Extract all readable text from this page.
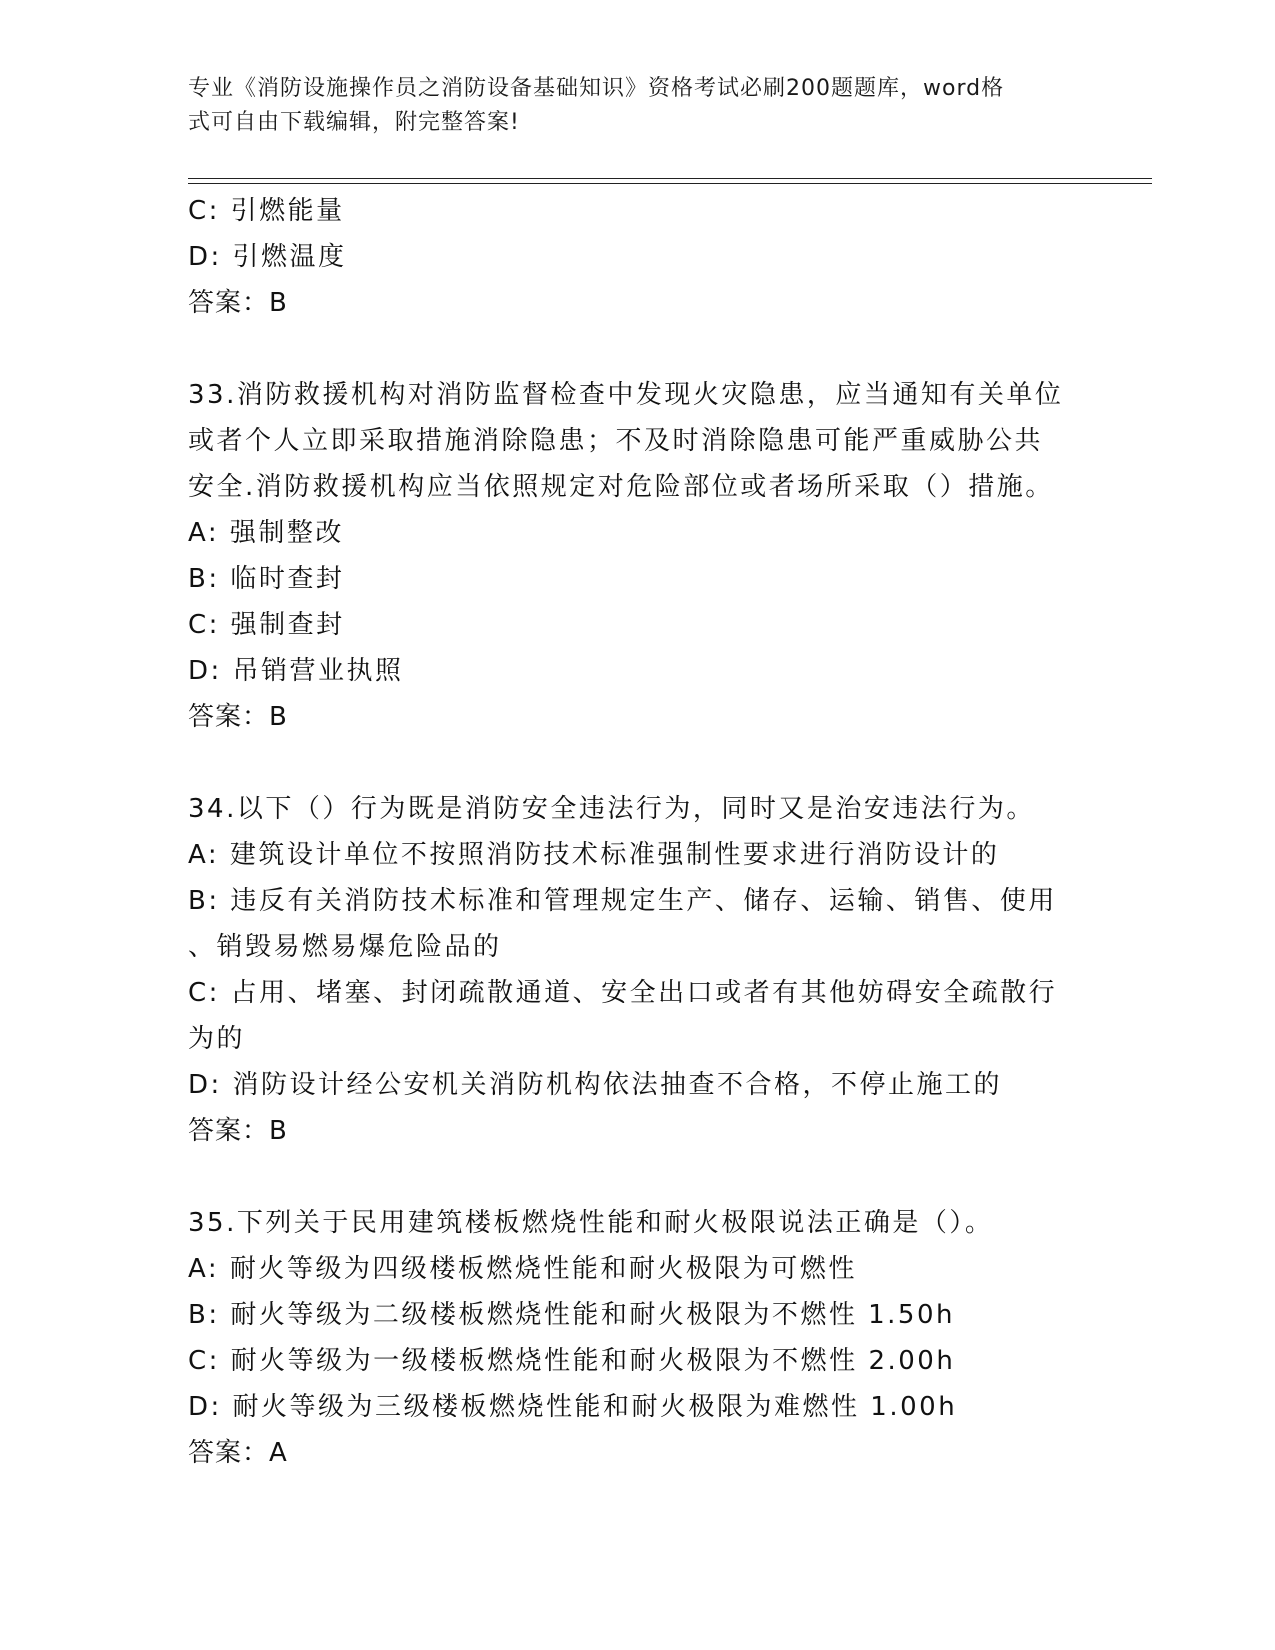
专业《消防设施操作员之消防设备基础知识》资格考试必刷200题题库，word格
式可自由下载编辑，附完整答案!
C: 引燃能量
D: 引燃温度
答案：B
33.消防救援机构对消防监督检查中发现火灾隐患，应当通知有关单位
或者个人立即采取措施消除隐患；不及时消除隐患可能严重威胁公共
安全.消防救援机构应当依照规定对危险部位或者场所采取（）措施。
A: 强制整改
B: 临时查封
C: 强制查封
D: 吊销营业执照
答案：B
34.以下（）行为既是消防安全违法行为，同时又是治安违法行为。
A: 建筑设计单位不按照消防技术标准强制性要求进行消防设计的
B: 违反有关消防技术标准和管理规定生产、储存、运输、销售、使用
、销毁易燃易爆危险品的
C: 占用、堵塞、封闭疏散通道、安全出口或者有其他妨碍安全疏散行
为的
D: 消防设计经公安机关消防机构依法抽查不合格，不停止施工的
答案：B
35.下列关于民用建筑楼板燃烧性能和耐火极限说法正确是（）。
A: 耐火等级为四级楼板燃烧性能和耐火极限为可燃性
B: 耐火等级为二级楼板燃烧性能和耐火极限为不燃性 1.50h
C: 耐火等级为一级楼板燃烧性能和耐火极限为不燃性 2.00h
D: 耐火等级为三级楼板燃烧性能和耐火极限为难燃性 1.00h
答案：A
